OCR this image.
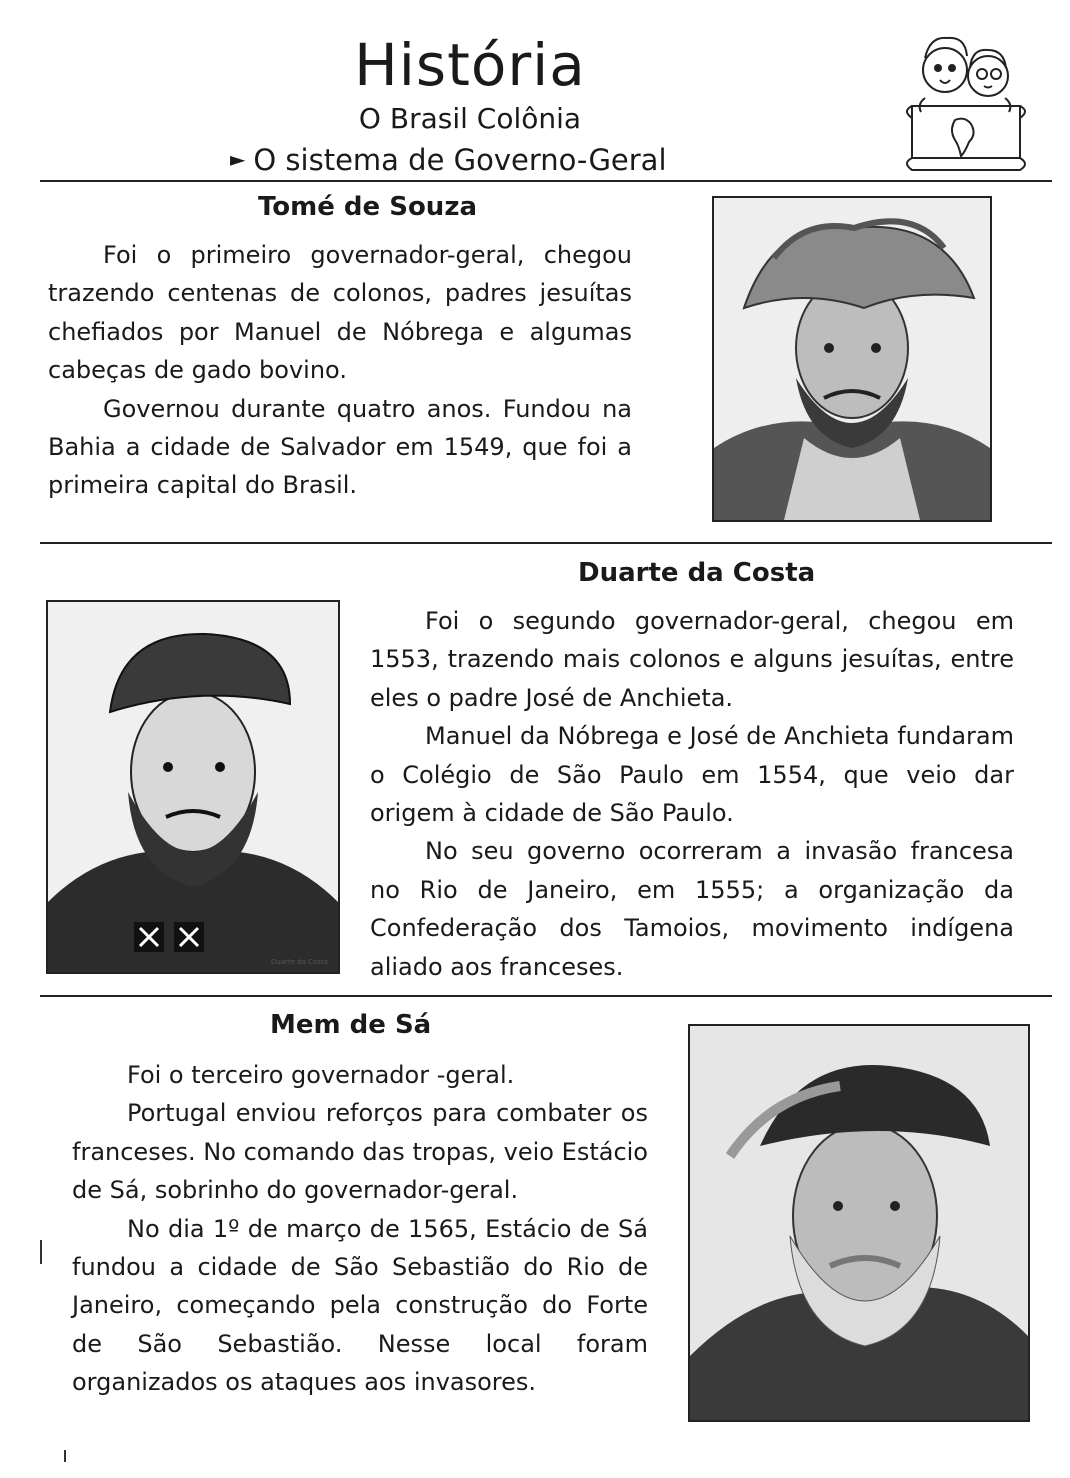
História
O Brasil Colônia
► O sistema de Governo-Geral
Tomé de Souza

Foi o primeiro governador-geral, chegou trazendo centenas de colonos, padres jesuítas chefiados por Manuel de Nóbrega e algumas cabeças de gado bovino.

Governou durante quatro anos. Fundou na Bahia a cidade de Salvador em 1549, que foi a primeira capital do Brasil.

Duarte da Costa

Foi o segundo governador-geral, chegou em 1553, trazendo mais colonos e alguns jesuítas, entre eles o padre José de Anchieta.

Manuel da Nóbrega e José de Anchieta fundaram o Colégio de São Paulo em 1554, que veio dar origem à cidade de São Paulo.

No seu governo ocorreram a invasão francesa no Rio de Janeiro, em 1555; a organização da Confederação dos Tamoios, movimento indígena aliado aos franceses.

Duarte da Costa
Mem de Sá

Foi o terceiro governador -geral.

Portugal enviou reforços para combater os franceses. No comando das tropas, veio Estácio de Sá, sobrinho do governador-geral.

No dia 1º de março de 1565, Estácio de Sá fundou a cidade de São Sebastião do Rio de Janeiro, começando pela construção do Forte de São Sebastião. Nesse local foram organizados os ataques aos invasores.
